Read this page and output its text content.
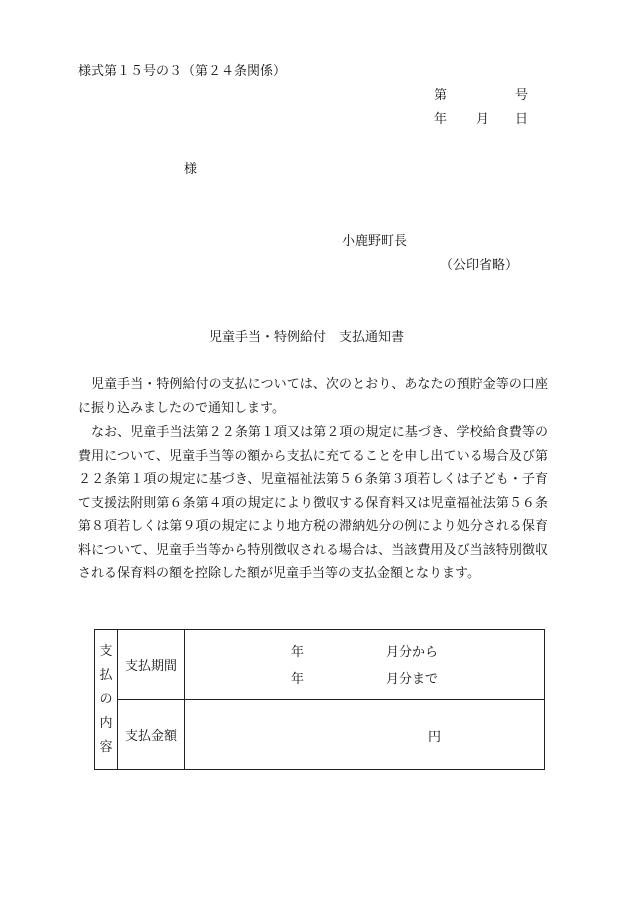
様式第１５号の３（第２４条関係）
第	号
年 月 日
様
小鹿野町長
（公印省略）
児童手当・特例給付　支払通知書
児童手当・特例給付の支払については、次のとおり、あなたの預貯金等の口座に振り込みましたので通知します。
なお、児童手当法第２２条第１項又は第２項の規定に基づき、学校給食費等の費用について、児童手当等の額から支払に充てることを申し出ている場合及び第２２条第１項の規定に基づき、児童福祉法第５６条第３項若しくは子ども・子育て支援法附則第６条第４項の規定により徴収する保育料又は児童福祉法第５６条第８項若しくは第９項の規定により地方税の滞納処分の例により処分される保育料について、児童手当等から特別徴収される場合は、当該費用及び当該特別徴収される保育料の額を控除した額が児童手当等の支払金額となります。
支
払
の
内
容	支払期間	年 月分から
年 月分まで

	支払金額	円
